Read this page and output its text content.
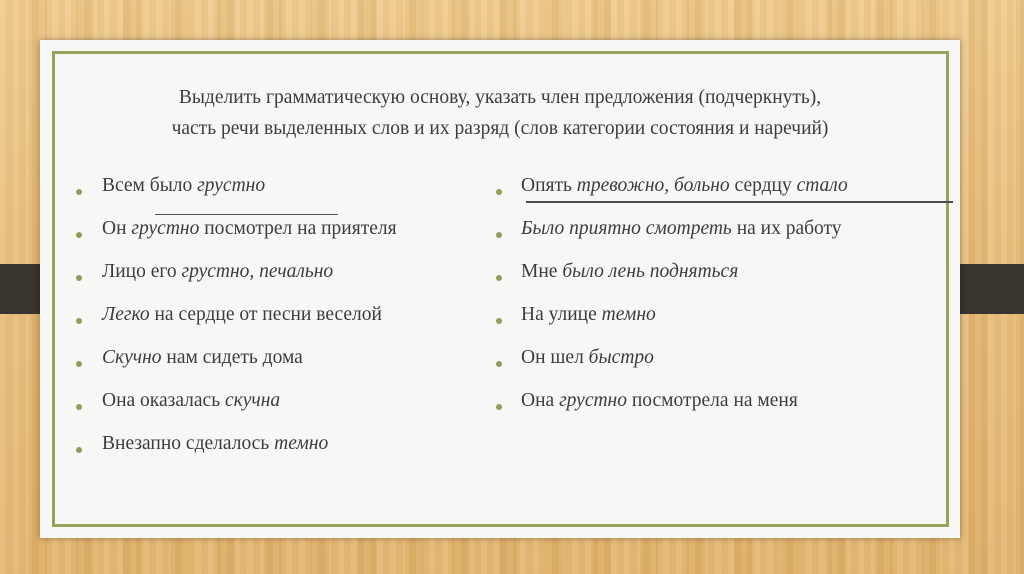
Выделить грамматическую основу, указать член предложения (подчеркнуть),
часть речи выделенных слов и их разряд (слов категории состояния и наречий)
Всем было грустно
Он грустно посмотрел на приятеля
Лицо его грустно, печально
Легко на сердце от песни веселой
Скучно нам сидеть дома
Она оказалась скучна
Внезапно сделалось темно
Опять тревожно, больно сердцу стало
Было приятно смотреть на их работу
Мне было лень подняться
На улице темно
Он шел быстро
Она грустно посмотрела на меня
